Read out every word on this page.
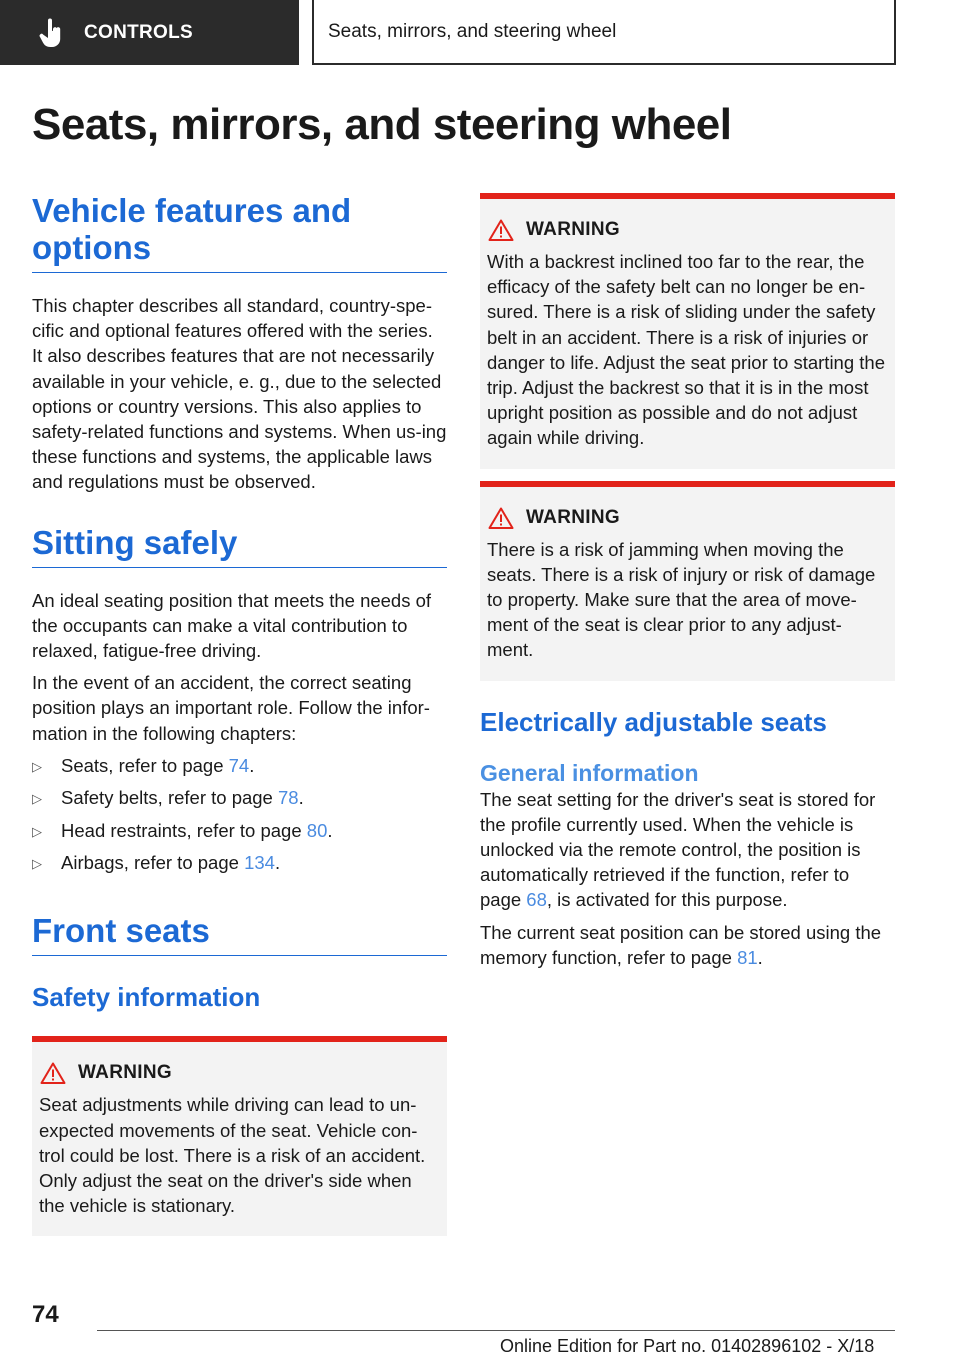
CONTROLS	Seats, mirrors, and steering wheel
Seats, mirrors, and steering wheel
Vehicle features and options

This chapter describes all standard, country-spe-cific and optional features offered with the series. It also describes features that are not necessarily available in your vehicle, e. g., due to the selected options or country versions. This also applies to safety-related functions and systems. When us-ing these functions and systems, the applicable laws and regulations must be observed.

Sitting safely

An ideal seating position that meets the needs of the occupants can make a vital contribution to relaxed, fatigue-free driving.

In the event of an accident, the correct seating position plays an important role. Follow the infor-mation in the following chapters:

▷	Seats, refer to page 74.
▷	Safety belts, refer to page 78.
▷	Head restraints, refer to page 80.
▷	Airbags, refer to page 134.
Front seats
Safety information
WARNING

Seat adjustments while driving can lead to un-expected movements of the seat. Vehicle con-trol could be lost. There is a risk of an accident. Only adjust the seat on the driver's side when the vehicle is stationary.

WARNING

With a backrest inclined too far to the rear, the efficacy of the safety belt can no longer be en-sured. There is a risk of sliding under the safety belt in an accident. There is a risk of injuries or danger to life. Adjust the seat prior to starting the trip. Adjust the backrest so that it is in the most upright position as possible and do not adjust again while driving.

WARNING

There is a risk of jamming when moving the seats. There is a risk of injury or risk of damage to property. Make sure that the area of move-ment of the seat is clear prior to any adjust-ment.

Electrically adjustable seats
General information

The seat setting for the driver's seat is stored for the profile currently used. When the vehicle is unlocked via the remote control, the position is automatically retrieved if the function, refer to page 68, is activated for this purpose.

The current seat position can be stored using the memory function, refer to page 81.

74
Online Edition for Part no. 01402896102 - X/18
